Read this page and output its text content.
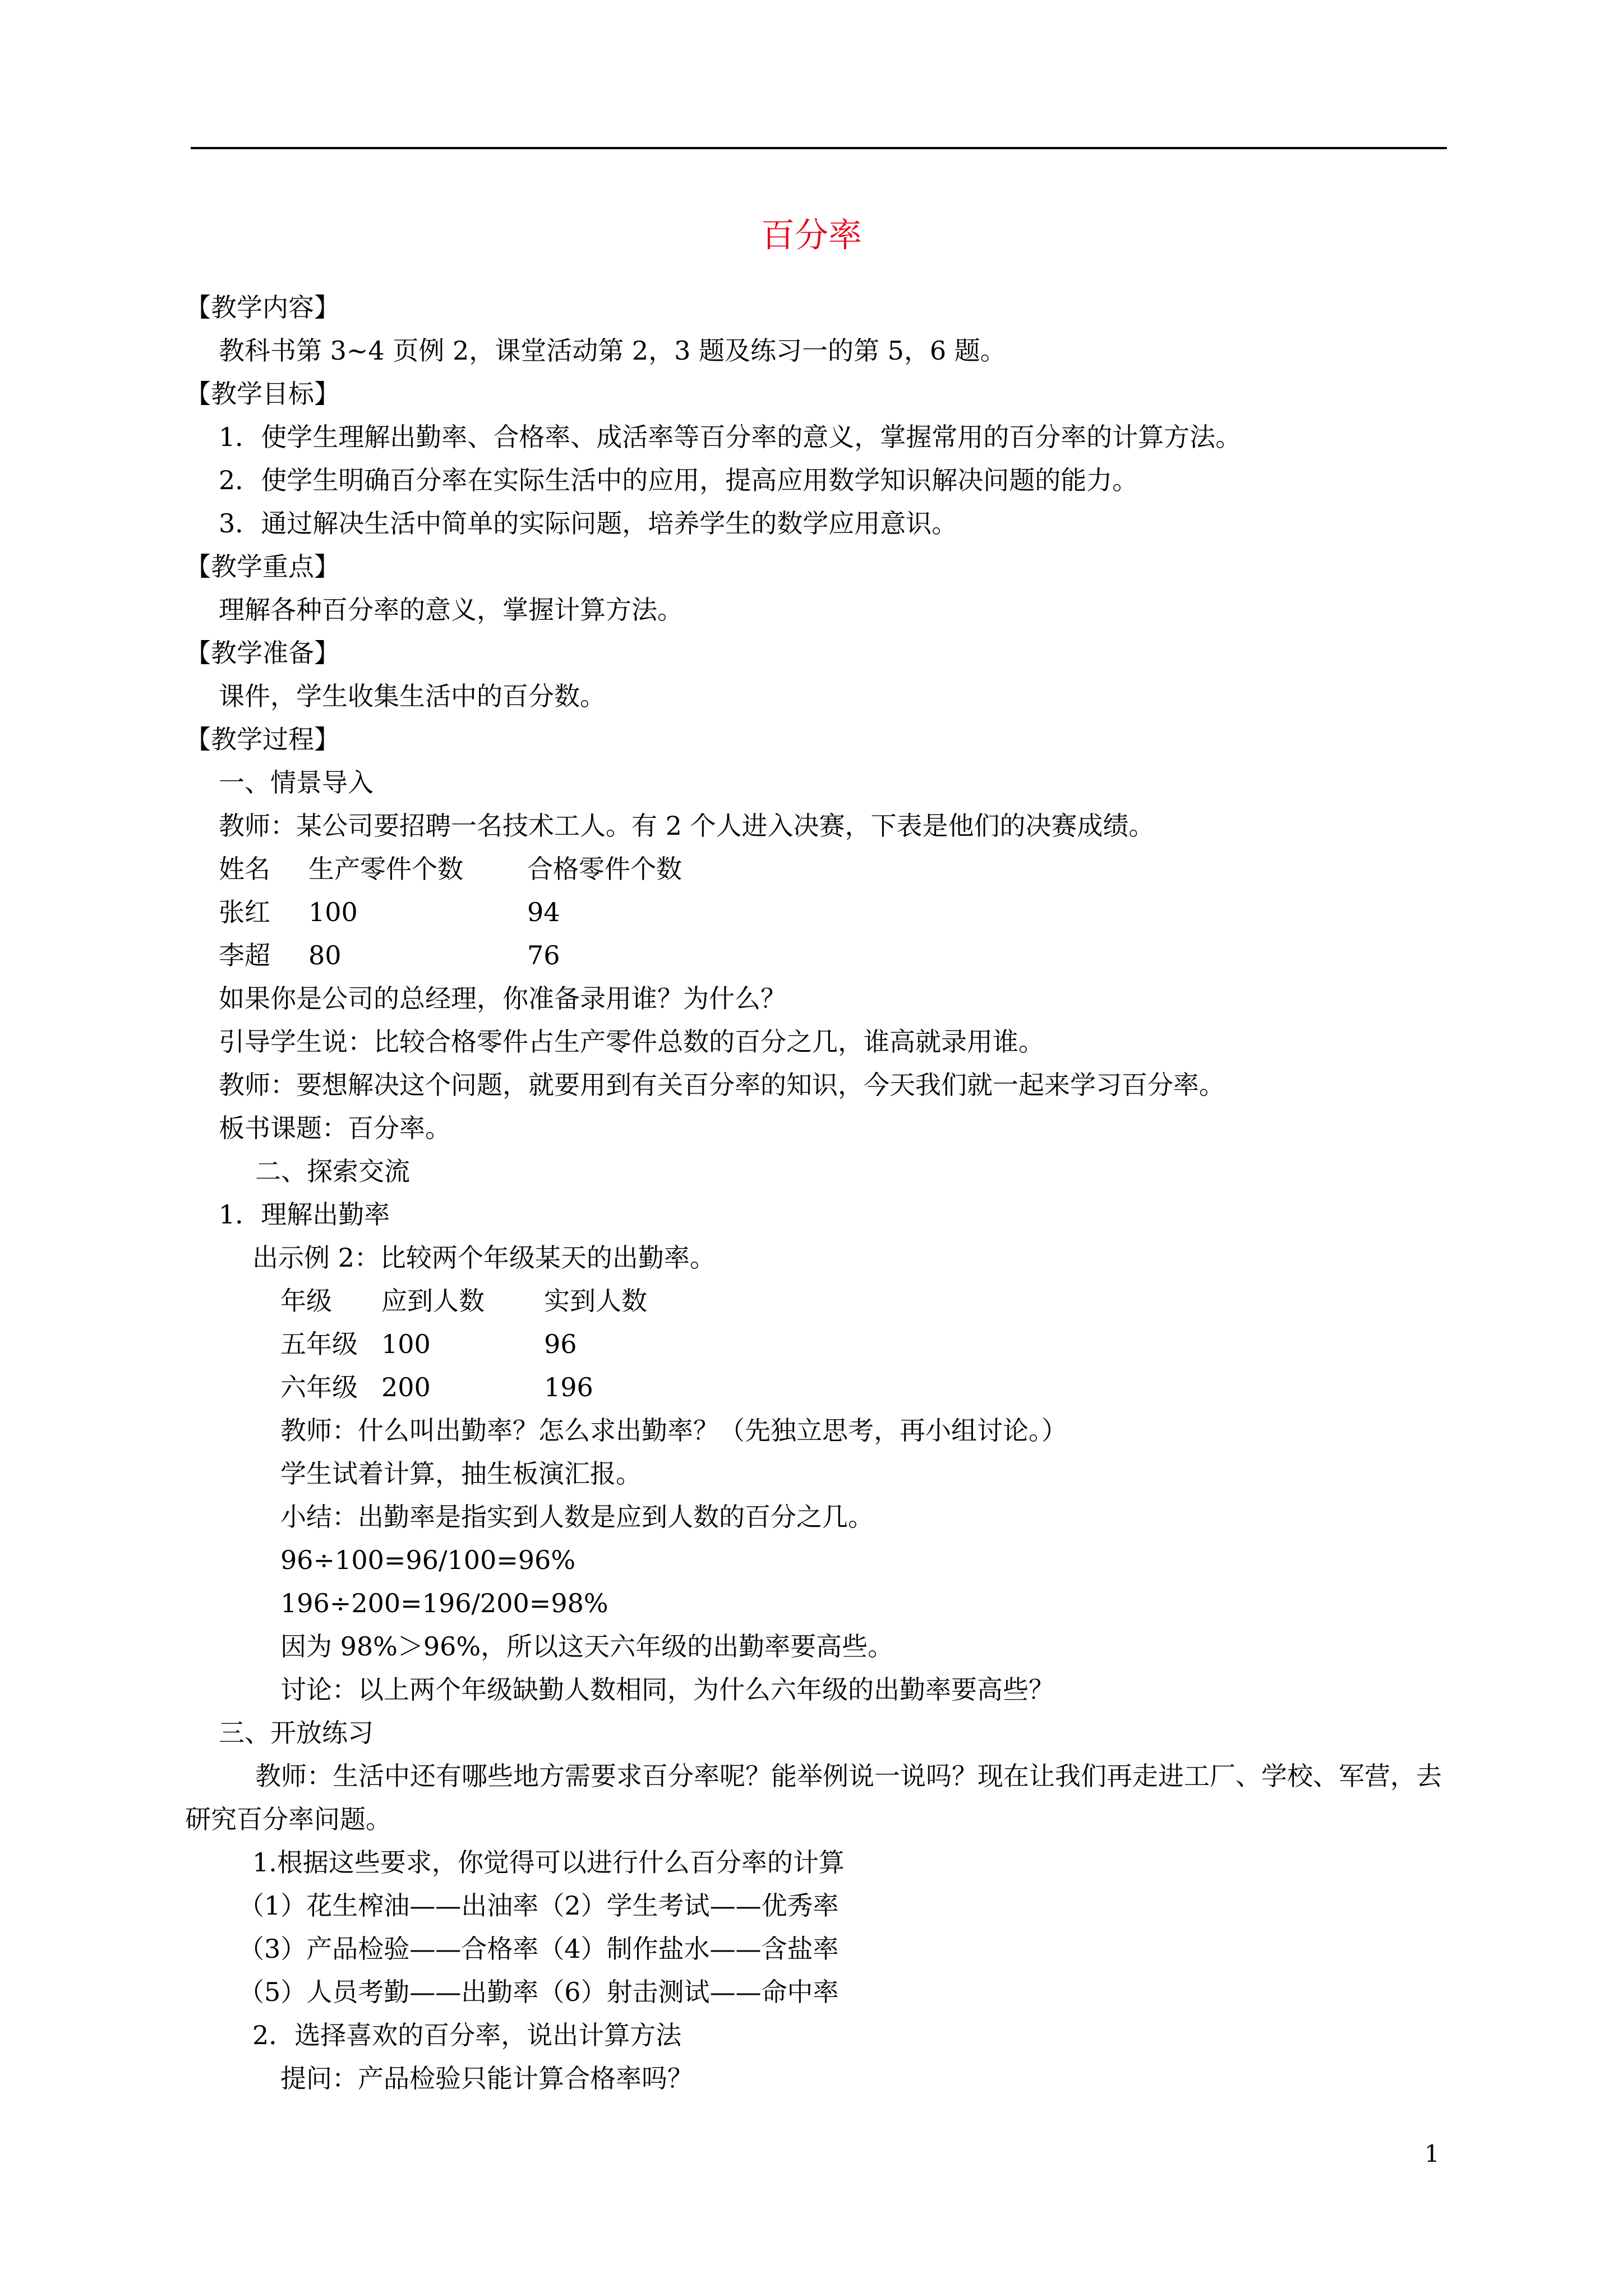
百分率
【教学内容】
教科书第 3~4 页例 2，课堂活动第 2，3 题及练习一的第 5，6 题。
【教学目标】
1．使学生理解出勤率、合格率、成活率等百分率的意义，掌握常用的百分率的计算方法。
2．使学生明确百分率在实际生活中的应用，提高应用数学知识解决问题的能力。
3．通过解决生活中简单的实际问题，培养学生的数学应用意识。
【教学重点】
理解各种百分率的意义，掌握计算方法。
【教学准备】
课件，学生收集生活中的百分数。
【教学过程】
一、情景导入
教师：某公司要招聘一名技术工人。有 2 个人进入决赛，下表是他们的决赛成绩。
姓名	生产零件个数	合格零件个数
张红	100	94
李超	80	76
如果你是公司的总经理，你准备录用谁？为什么？
引导学生说：比较合格零件占生产零件总数的百分之几，谁高就录用谁。
教师：要想解决这个问题，就要用到有关百分率的知识，今天我们就一起来学习百分率。
板书课题：百分率。
二、探索交流
1．理解出勤率
出示例 2：比较两个年级某天的出勤率。
年级	应到人数	实到人数
五年级 100	96
六年级 200	196
教师：什么叫出勤率？怎么求出勤率？（先独立思考，再小组讨论。）
学生试着计算，抽生板演汇报。
小结：出勤率是指实到人数是应到人数的百分之几。
96÷100=96/100=96%
196÷200=196/200=98%
因为 98%＞96%，所以这天六年级的出勤率要高些。
讨论：以上两个年级缺勤人数相同，为什么六年级的出勤率要高些？
三、开放练习
教师：生活中还有哪些地方需要求百分率呢？能举例说一说吗？现在让我们再走进工厂、学校、军营，去研究百分率问题。
1.根据这些要求，你觉得可以进行什么百分率的计算
（1）花生榨油——出油率（2）学生考试——优秀率
（3）产品检验——合格率（4）制作盐水——含盐率
（5）人员考勤——出勤率（6）射击测试——命中率
2．选择喜欢的百分率，说出计算方法
提问：产品检验只能计算合格率吗？
1
